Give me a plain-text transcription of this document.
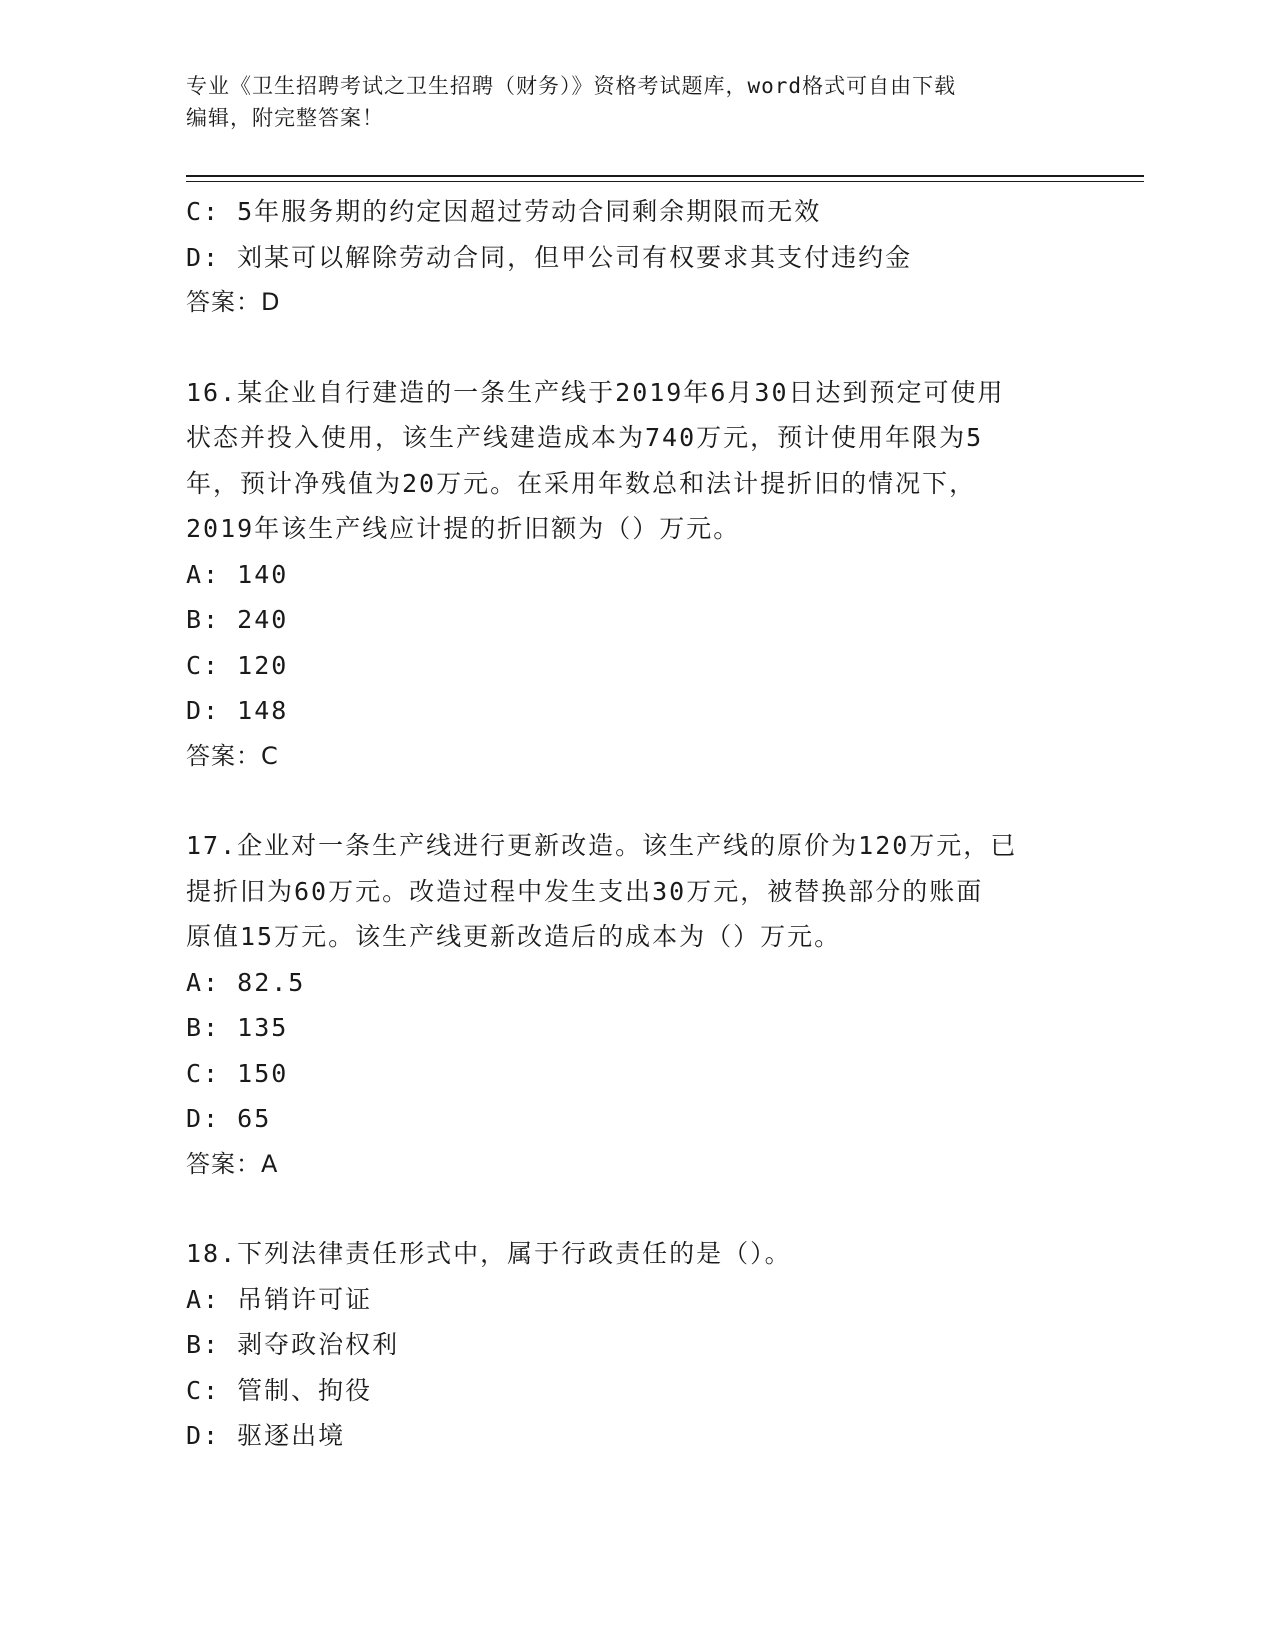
专业《卫生招聘考试之卫生招聘（财务）》资格考试题库，word格式可自由下载
编辑，附完整答案！
C: 5年服务期的约定因超过劳动合同剩余期限而无效
D: 刘某可以解除劳动合同，但甲公司有权要求其支付违约金
答案：D
16.某企业自行建造的一条生产线于2019年6月30日达到预定可使用
状态并投入使用，该生产线建造成本为740万元，预计使用年限为5
年，预计净残值为20万元。在采用年数总和法计提折旧的情况下，
2019年该生产线应计提的折旧额为（）万元。
A: 140
B: 240
C: 120
D: 148
答案：C
17.企业对一条生产线进行更新改造。该生产线的原价为120万元，已
提折旧为60万元。改造过程中发生支出30万元，被替换部分的账面
原值15万元。该生产线更新改造后的成本为（）万元。
A: 82.5
B: 135
C: 150
D: 65
答案：A
18.下列法律责任形式中，属于行政责任的是（）。
A: 吊销许可证
B: 剥夺政治权利
C: 管制、拘役
D: 驱逐出境
